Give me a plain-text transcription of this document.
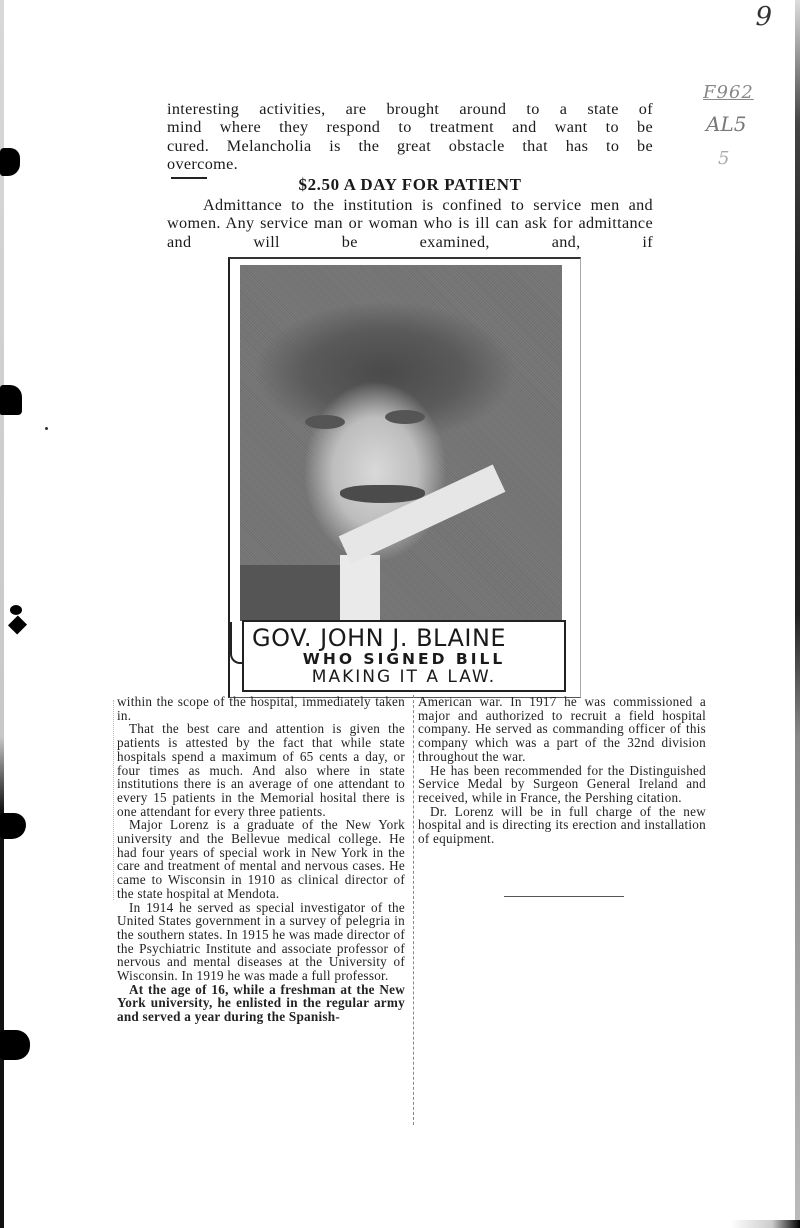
9
F962
AL5
5

interesting activities, are brought around to a state of

mind where they respond to treatment and want to be

cured. Melancholia is the great obstacle that has to be

overcome.

$2.50 A DAY FOR PATIENT
Admittance to the institution is confined to service men and women. Any service man or woman who is ill can ask for admittance and will be examined, and, if
GOV. JOHN J. BLAINE
WHO SIGNED BILL
MAKING IT A LAW.

within the scope of the hospital, immediately taken in.

That the best care and attention is given the patients is attested by the fact that while state hospitals spend a maximum of 65 cents a day, or four times as much. And also where in state institutions there is an average of one attendant to every 15 patients in the Memorial hosital there is one attendant for every three patients.

Major Lorenz is a graduate of the New York university and the Bellevue medical college. He had four years of special work in New York in the care and treatment of mental and nervous cases. He came to Wisconsin in 1910 as clinical director of the state hospital at Mendota.

In 1914 he served as special investigator of the United States government in a survey of pelegria in the southern states. In 1915 he was made director of the Psychiatric Institute and associate professor of nervous and mental diseases at the University of Wisconsin. In 1919 he was made a full professor.

At the age of 16, while a freshman at the New York university, he enlisted in the regular army and served a year during the Spanish-

American war. In 1917 he was commissioned a major and authorized to recruit a field hospital company. He served as commanding officer of this company which was a part of the 32nd division throughout the war.

He has been recommended for the Distinguished Service Medal by Surgeon General Ireland and received, while in France, the Pershing citation.

Dr. Lorenz will be in full charge of the new hospital and is directing its erection and installation of equipment.
